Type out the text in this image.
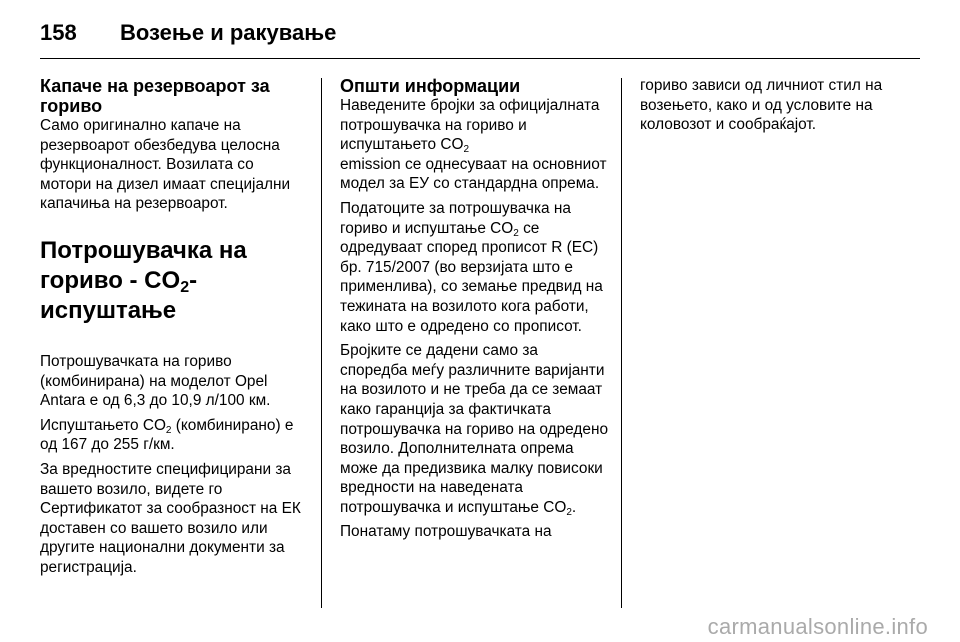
158 Возење и ракување
Капаче на резервоарот за гориво
Само оригинално капаче на резервоарот обезбедува целосна функционалност. Возилата со мотори на дизел имаат специјални капачиња на резервоарот.
Потрошувачка на
гориво - $CO_2$-испуштање
Потрошувачката на гориво (комбинирана) на моделот Opel Antara е од 6,3 до 10,9 л/100 км.
Испуштањето $CO_2$ (комбинирано) е од 167 до 255 г/км.
За вредностите специфицирани за вашето возило, видете го Сертификатот за сообразност на ЕК доставен со вашето возило или другите национални документи за регистрација.
Општи информации
Наведените бројки за официјалната потрошувачка на гориво и испуштањето $CO_2$
emission се однесуваат на основниот модел за ЕУ со стандардна опрема.
Податоците за потрошувачка на гориво и испуштање $CO_2$ се одредуваат според прописот R (ЕС) бр. 715/2007 (во верзијата што е применлива), со земање предвид на тежината на возилото кога работи, како што е одредено со прописот.
Бројките се дадени само за споредба меѓу различните варијанти на возилото и не треба да се земаат како гаранција за фактичката потрошувачка на гориво на одредено возило. Дополнителната опрема може да предизвика малку повисоки вредности на наведената
потрошувачка и испуштање $CO_2$.
Понатаму потрошувачката на
гориво зависи од личниот стил на возењето, како и од условите на коловозот и сообраќајот.
carmanualsonline.info
